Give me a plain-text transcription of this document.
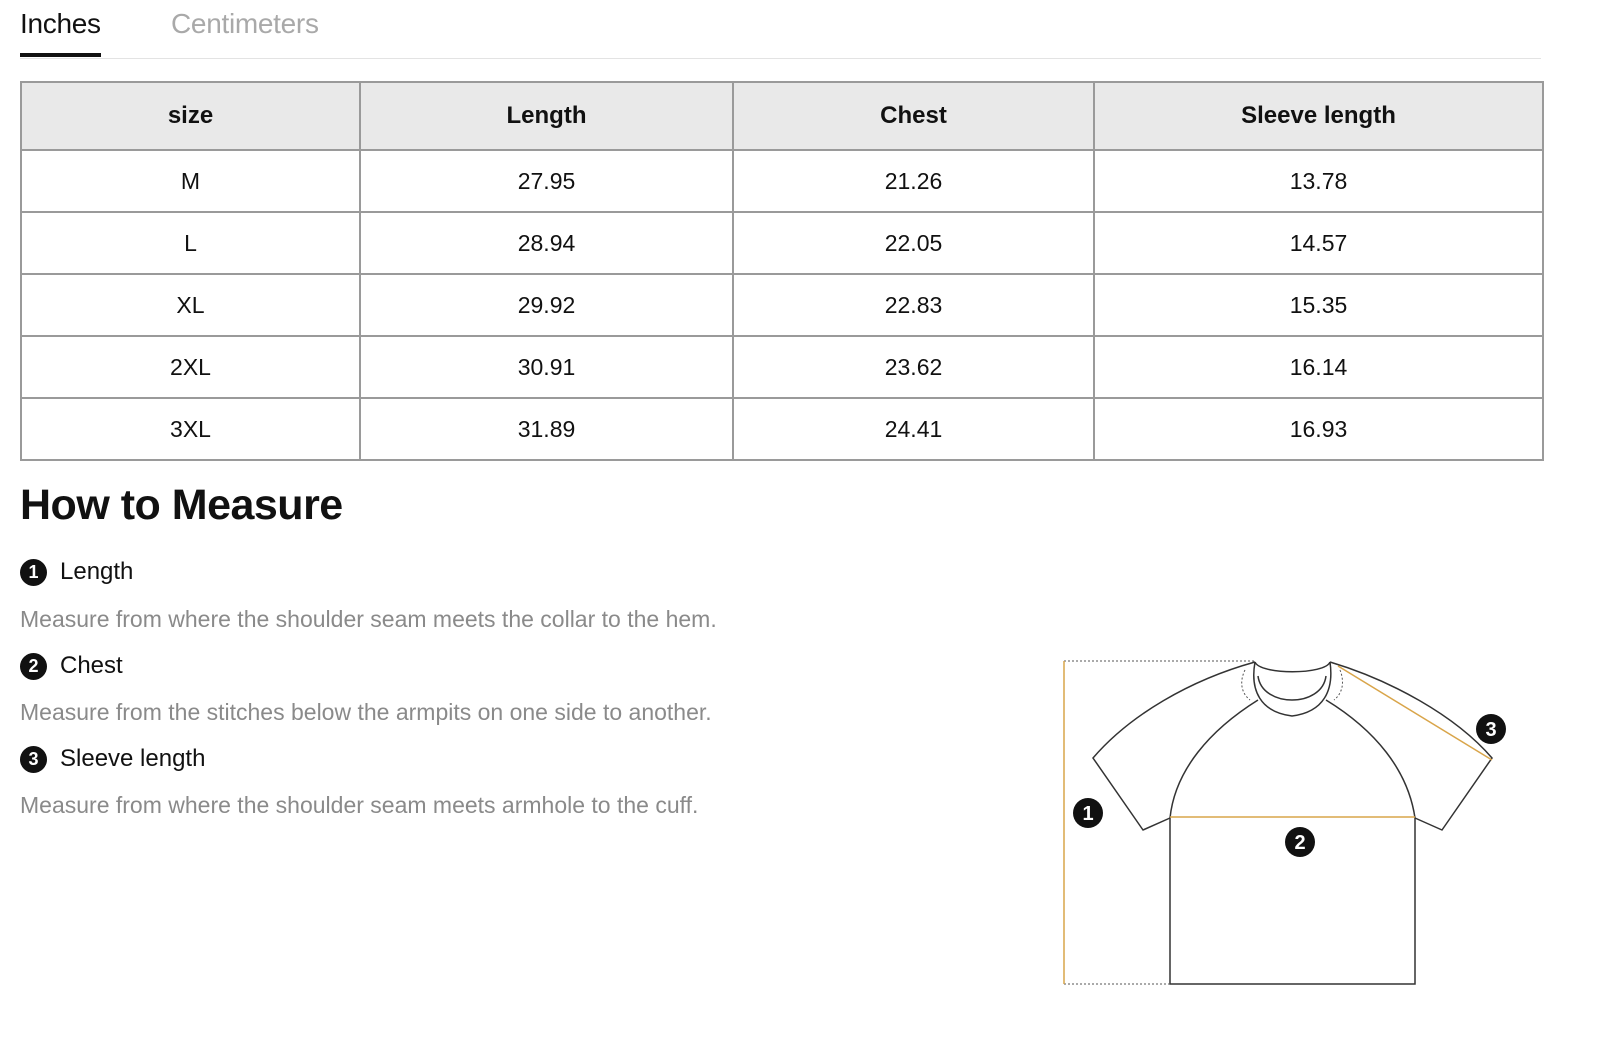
Inches	Centimeters
size	Length	Chest	Sleeve length
M	27.95	21.26	13.78
L	28.94	22.05	14.57
XL	29.92	22.83	15.35
2XL	30.91	23.62	16.14
3XL	31.89	24.41	16.93
How to Measure
1 Length
Measure from where the shoulder seam meets the collar to the hem.
2 Chest
Measure from the stitches below the armpits on one side to another.
3 Sleeve length
Measure from where the shoulder seam meets armhole to the cuff.	1
2
3
